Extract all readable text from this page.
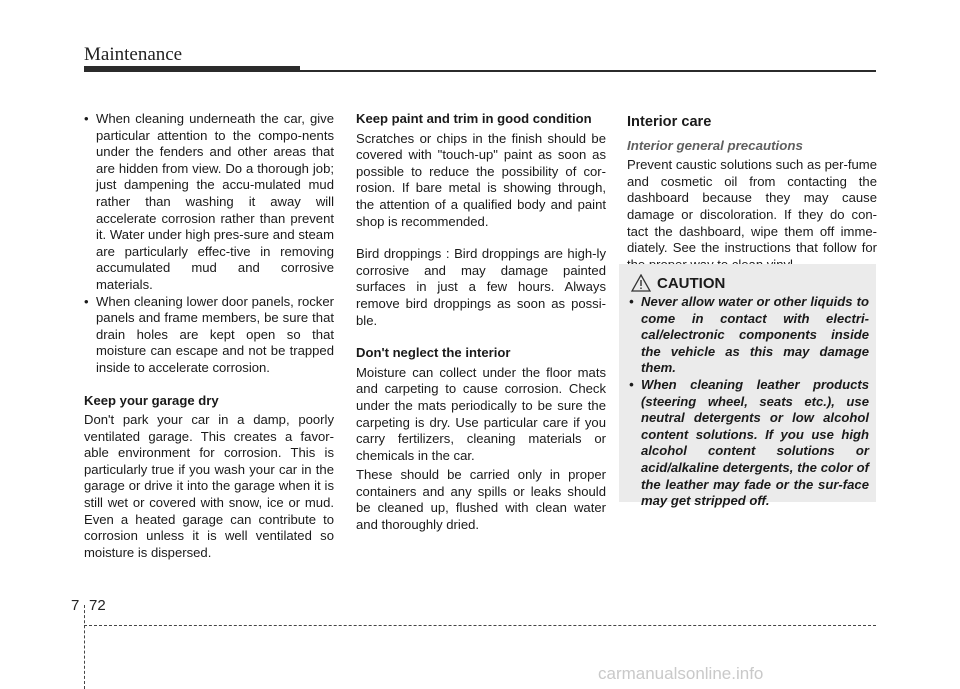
Maintenance
• When cleaning underneath the car, give particular attention to the compo-nents under the fenders and other areas that are hidden from view. Do a thorough job; just dampening the accu-mulated mud rather than washing it away will accelerate corrosion rather than prevent it. Water under high pres-sure and steam are particularly effec-tive in removing accumulated mud and corrosive materials.
• When cleaning lower door panels, rocker panels and frame members, be sure that drain holes are kept open so that moisture can escape and not be trapped inside to accelerate corrosion.

Keep your garage dry

Don't park your car in a damp, poorly ventilated garage. This creates a favor-able environment for corrosion. This is particularly true if you wash your car in the garage or drive it into the garage when it is still wet or covered with snow, ice or mud. Even a heated garage can contribute to corrosion unless it is well ventilated so moisture is dispersed.

Keep paint and trim in good condition

Scratches or chips in the finish should be covered with "touch-up" paint as soon as possible to reduce the possibility of cor-rosion. If bare metal is showing through, the attention of a qualified body and paint shop is recommended.

Bird droppings : Bird droppings are high-ly corrosive and may damage painted surfaces in just a few hours. Always remove bird droppings as soon as possi-ble.

Don't neglect the interior

Moisture can collect under the floor mats and carpeting to cause corrosion. Check under the mats periodically to be sure the carpeting is dry. Use particular care if you carry fertilizers, cleaning materials or chemicals in the car.

These should be carried only in proper containers and any spills or leaks should be cleaned up, flushed with clean water and thoroughly dried.

Interior care

Interior general precautions

Prevent caustic solutions such as per-fume and cosmetic oil from contacting the dashboard because they may cause damage or discoloration. If they do con-tact the dashboard, wipe them off imme-diately. See the instructions that follow for

CAUTION
• Never allow water or other liquids to come in contact with electri-cal/electronic components inside the vehicle as this may damage them.
• When cleaning leather products (steering wheel, seats etc.), use neutral detergents or low alcohol content solutions. If you use high alcohol content solutions or acid/alkaline detergents, the color of the leather may fade or the sur-face may get stripped off.
7 72
carmanualsonline.info
